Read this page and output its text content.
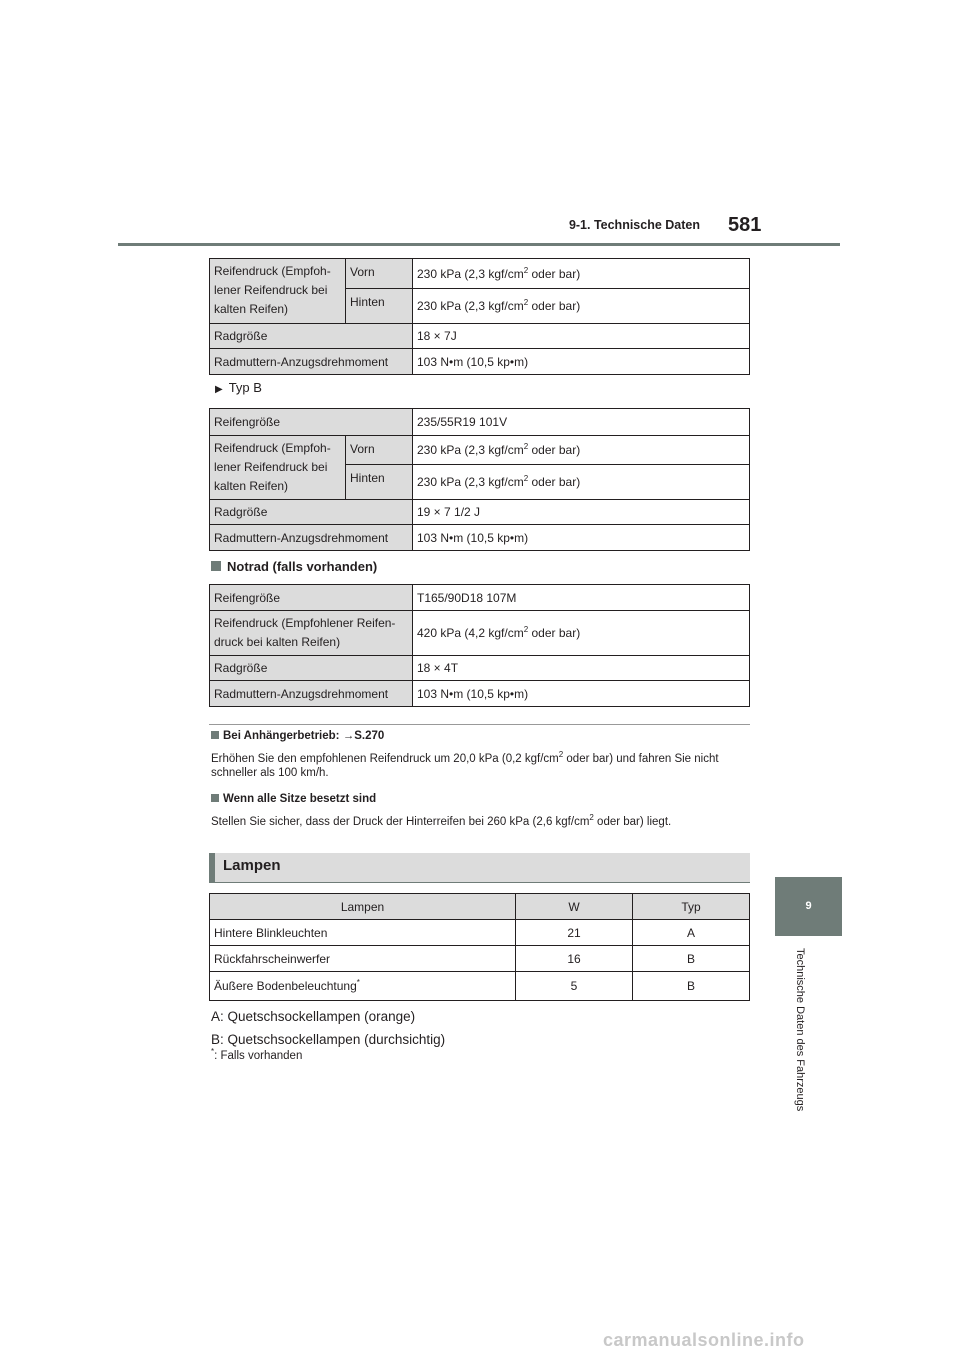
9-1. Technische Daten 581
9
Technische Daten des Fahrzeugs
Reifendruck (Empfoh-lener Reifendruck bei kalten Reifen)	Vorn	230 kPa (2,3 kgf/$cm^2$ oder bar)
	Hinten	230 kPa (2,3 kgf/$cm^2$ oder bar)
Radgröße		18 × 7J
Radmuttern-Anzugsdrehmoment		103 N•m (10,5 kp•m)
▶ Typ B
Reifengröße		235/55R19 101V
Reifendruck (Empfoh-lener Reifendruck bei kalten Reifen)	Vorn	230 kPa (2,3 kgf/$cm^2$ oder bar)
	Hinten	230 kPa (2,3 kgf/$cm^2$ oder bar)
Radgröße		19 × 7 1/2 J
Radmuttern-Anzugsdrehmoment		103 N•m (10,5 kp•m)
Notrad (falls vorhanden)
Reifengröße	T165/90D18 107M
Reifendruck (Empfohlener Reifen-druck bei kalten Reifen)	420 kPa (4,2 kgf/$cm^2$ oder bar)
Radgröße	18 × 4T
Radmuttern-Anzugsdrehmoment	103 N•m (10,5 kp•m)
Bei Anhängerbetrieb: →S.270
Erhöhen Sie den empfohlenen Reifendruck um 20,0 kPa (0,2 kgf/$cm^2$ oder bar) und fahren Sie nicht schneller als 100 km/h.
Wenn alle Sitze besetzt sind
Stellen Sie sicher, dass der Druck der Hinterreifen bei 260 kPa (2,6 kgf/$cm^2$ oder bar) liegt.
Lampen
Lampen	W	Typ
Hintere Blinkleuchten	21	A
Rückfahrscheinwerfer	16	B
Äußere Bodenbeleuchtung*	5	B
A: Quetschsockellampen (orange)
B: Quetschsockellampen (durchsichtig)
*: Falls vorhanden
carmanualsonline.info
